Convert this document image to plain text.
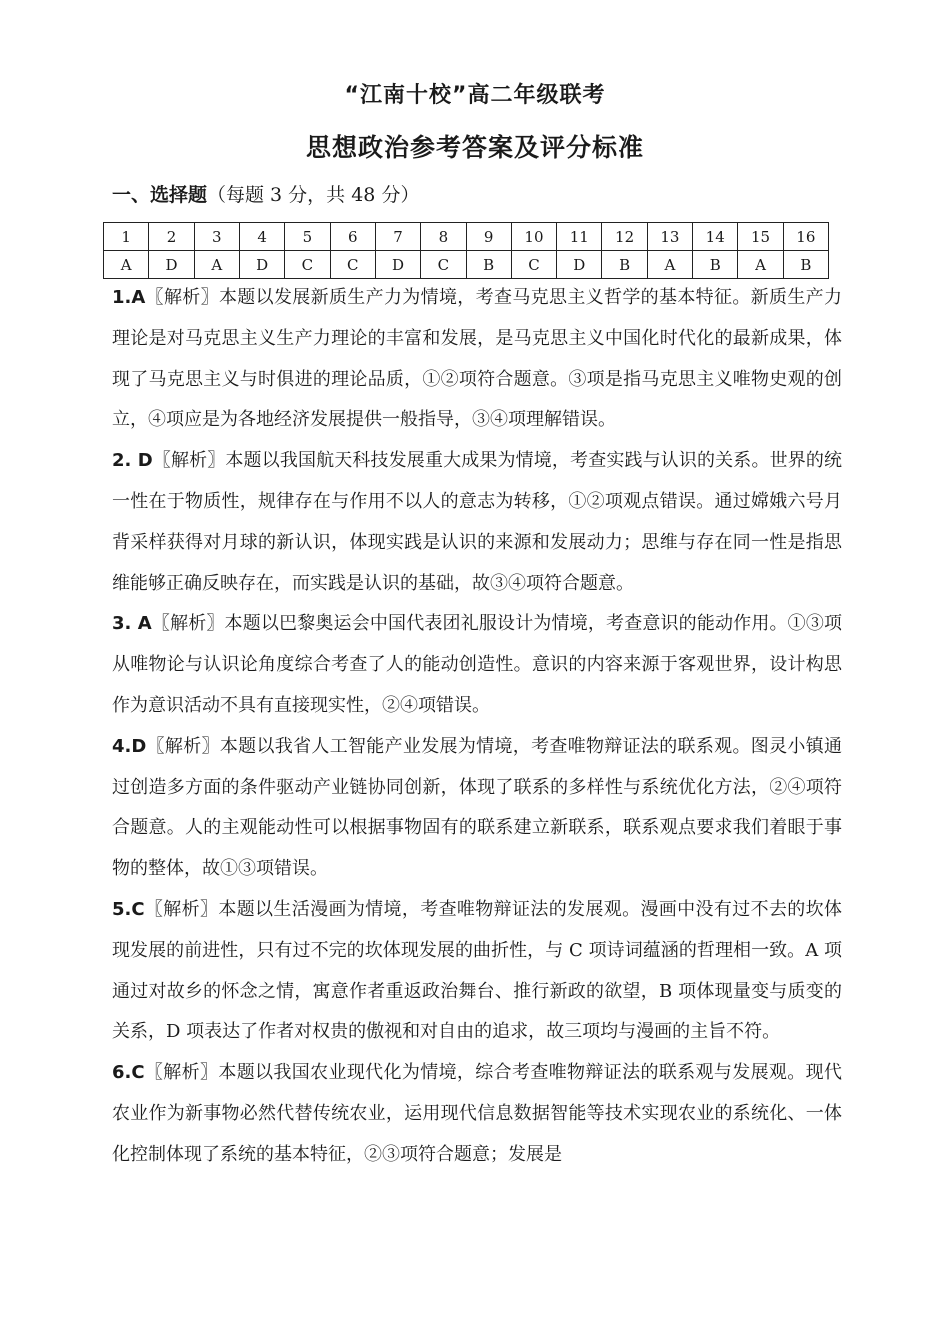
“江南十校”高二年级联考
思想政治参考答案及评分标准
一、选择题（每题 3 分，共 48 分）
1	2	3	4	5	6	7	8	9	10	11	12	13	14	15	16
A	D	A	D	C	C	D	C	B	C	D	B	A	B	A	B

1.A〖解析〗本题以发展新质生产力为情境，考查马克思主义哲学的基本特征。新质生产力理论是对马克思主义生产力理论的丰富和发展，是马克思主义中国化时代化的最新成果，体现了马克思主义与时俱进的理论品质，①②项符合题意。③项是指马克思主义唯物史观的创立，④项应是为各地经济发展提供一般指导，③④项理解错误。

2. D〖解析〗本题以我国航天科技发展重大成果为情境，考查实践与认识的关系。世界的统一性在于物质性，规律存在与作用不以人的意志为转移，①②项观点错误。通过嫦娥六号月背采样获得对月球的新认识，体现实践是认识的来源和发展动力；思维与存在同一性是指思维能够正确反映存在，而实践是认识的基础，故③④项符合题意。

3. A〖解析〗本题以巴黎奥运会中国代表团礼服设计为情境，考查意识的能动作用。①③项从唯物论与认识论角度综合考查了人的能动创造性。意识的内容来源于客观世界，设计构思作为意识活动不具有直接现实性，②④项错误。

4.D〖解析〗本题以我省人工智能产业发展为情境，考查唯物辩证法的联系观。图灵小镇通过创造多方面的条件驱动产业链协同创新，体现了联系的多样性与系统优化方法，②④项符合题意。人的主观能动性可以根据事物固有的联系建立新联系，联系观点要求我们着眼于事物的整体，故①③项错误。

5.C〖解析〗本题以生活漫画为情境，考查唯物辩证法的发展观。漫画中没有过不去的坎体现发展的前进性，只有过不完的坎体现发展的曲折性，与 C 项诗词蕴涵的哲理相一致。A 项通过对故乡的怀念之情，寓意作者重返政治舞台、推行新政的欲望，B 项体现量变与质变的关系，D 项表达了作者对权贵的傲视和对自由的追求，故三项均与漫画的主旨不符。

6.C〖解析〗本题以我国农业现代化为情境，综合考查唯物辩证法的联系观与发展观。现代农业作为新事物必然代替传统农业，运用现代信息数据智能等技术实现农业的系统化、一体化控制体现了系统的基本特征，②③项符合题意；发展是
